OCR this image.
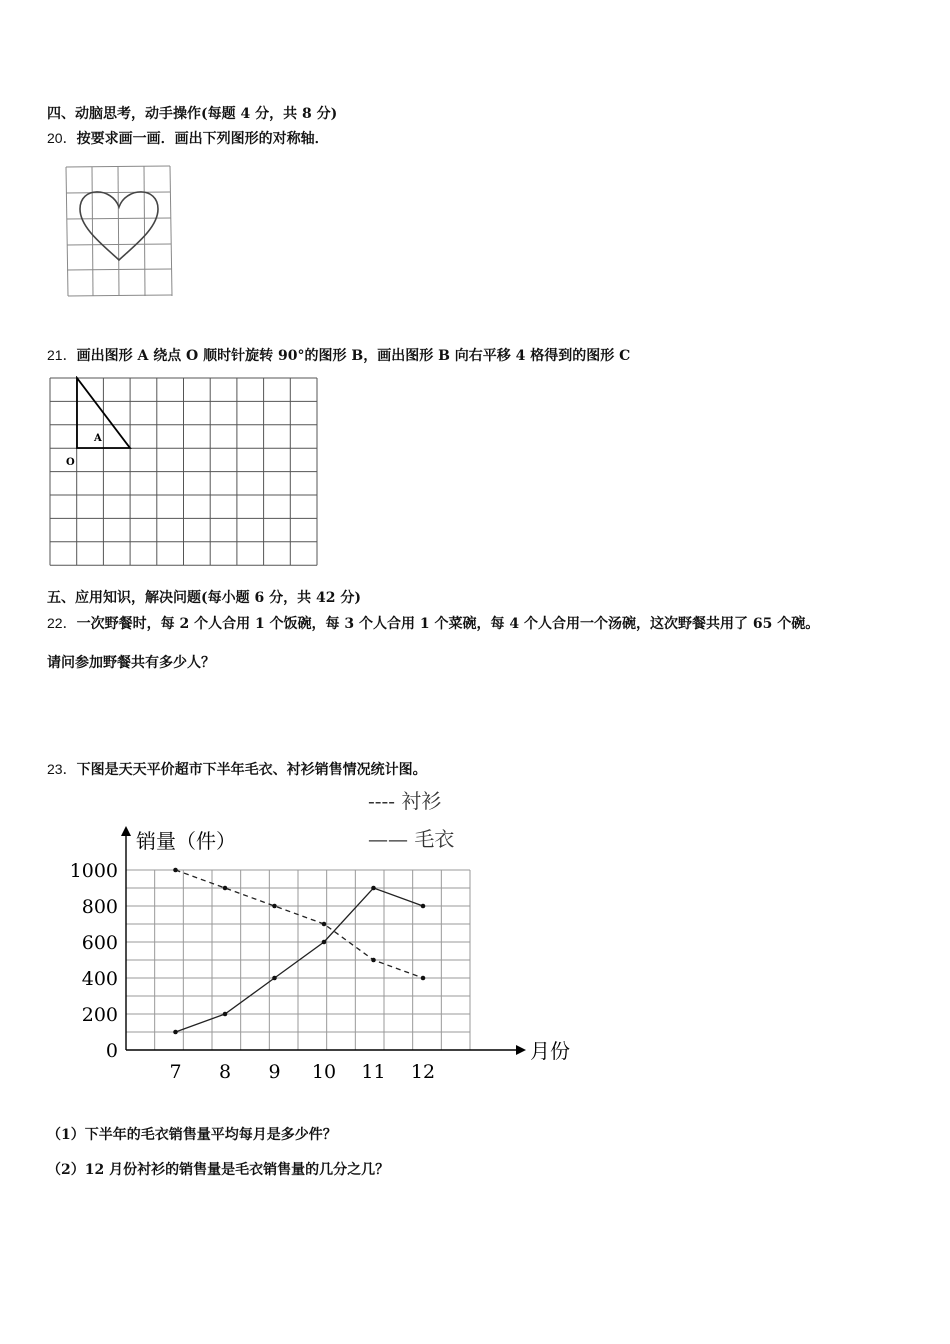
四、动脑思考，动手操作(每题 4 分，共 8 分)
20．按要求画一画．画出下列图形的对称轴．
21．画出图形 A 绕点 O 顺时针旋转 90°的图形 B，画出图形 B 向右平移 4 格得到的图形 C
A
O
五、应用知识，解决问题(每小题 6 分，共 42 分)
22．一次野餐时，每 2 个人合用 1 个饭碗，每 3 个人合用 1 个菜碗，每 4 个人合用一个汤碗，这次野餐共用了 65 个碗。
请问参加野餐共有多少人？
23．下图是天天平价超市下半年毛衣、衬衫销售情况统计图。
0
200
400
600
800
1000
7 8 9 10 11 12
销量（件）
月份
—— 毛衣
---- 衬衫
（1）下半年的毛衣销售量平均每月是多少件？
（2）12 月份衬衫的销售量是毛衣销售量的几分之几？
